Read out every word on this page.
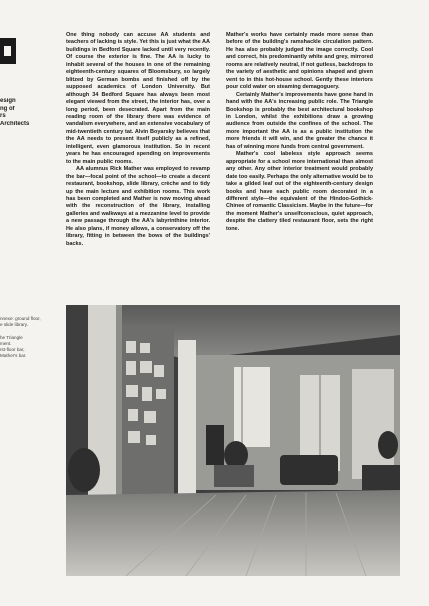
esign
ng of
rs
Architects
nnexe: ground floor,
e slide library.

he Triangle
ment.
rst-floor bar,
Mather's bar.

One thing nobody can accuse AA students and teachers of lacking is style. Yet this is just what the AA buildings in Bedford Square lacked until very recently. Of course the exterior is fine. The AA is lucky to inhabit several of the houses in one of the remaining eighteenth-century squares of Bloomsbury, so largely blitzed by German bombs and finished off by the supposed academics of London University. But although 34 Bedford Square has always been most elegant viewed from the street, the interior has, over a long period, been desecrated. Apart from the main reading room of the library there was evidence of vandalism everywhere, and an extensive vocabulary of mid-twentieth century tat. Alvin Boyarsky believes that the AA needs to present itself publicly as a refined, intelligent, even glamorous institution. So in recent years he has encouraged spending on improvements to the main public rooms.

AA alumnus Rick Mather was employed to revamp the bar—focal point of the school—to create a decent restaurant, bookshop, slide library, crèche and to tidy up the main lecture and exhibition rooms. This work has been completed and Mather is now moving ahead with the reconstruction of the library, installing galleries and walkways at a mezzanine level to provide a new passage through the AA's labyrinthine interior. He also plans, if money allows, a conservatory off the library, fitting in between the bows of the buildings' backs.

Mather's works have certainly made more sense than before of the building's ramshackle circulation pattern. He has also probably judged the image correctly. Cool and correct, his predominantly white and grey, mirrored rooms are relatively neutral, if not gutless, backdrops to the variety of aesthetic and opinions shaped and given vent to in this hot-house school. Gently these interiors pour cold water on steaming demagoguery.

Certainly Mather's improvements have gone hand in hand with the AA's increasing public role. The Triangle Bookshop is probably the best architectural bookshop in London, whilst the exhibitions draw a growing audience from outside the confines of the school. The more important the AA is as a public institution the more friends it will win, and the greater the chance it has of winning more funds from central government.

Mather's cool labeless style approach seems appropriate for a school more international than almost any other. Any other interior treatment would probably date too easily. Perhaps the only alternative would be to take a gilded leaf out of the eighteenth-century design books and have each public room decorated in a different style—the equivalent of the Hindoo-Gothick-Chinee of romantic Classicism. Maybe in the future—for the moment Mather's unselfconscious, quiet approach, despite the clattery tiled restaurant floor, sets the right tone.
